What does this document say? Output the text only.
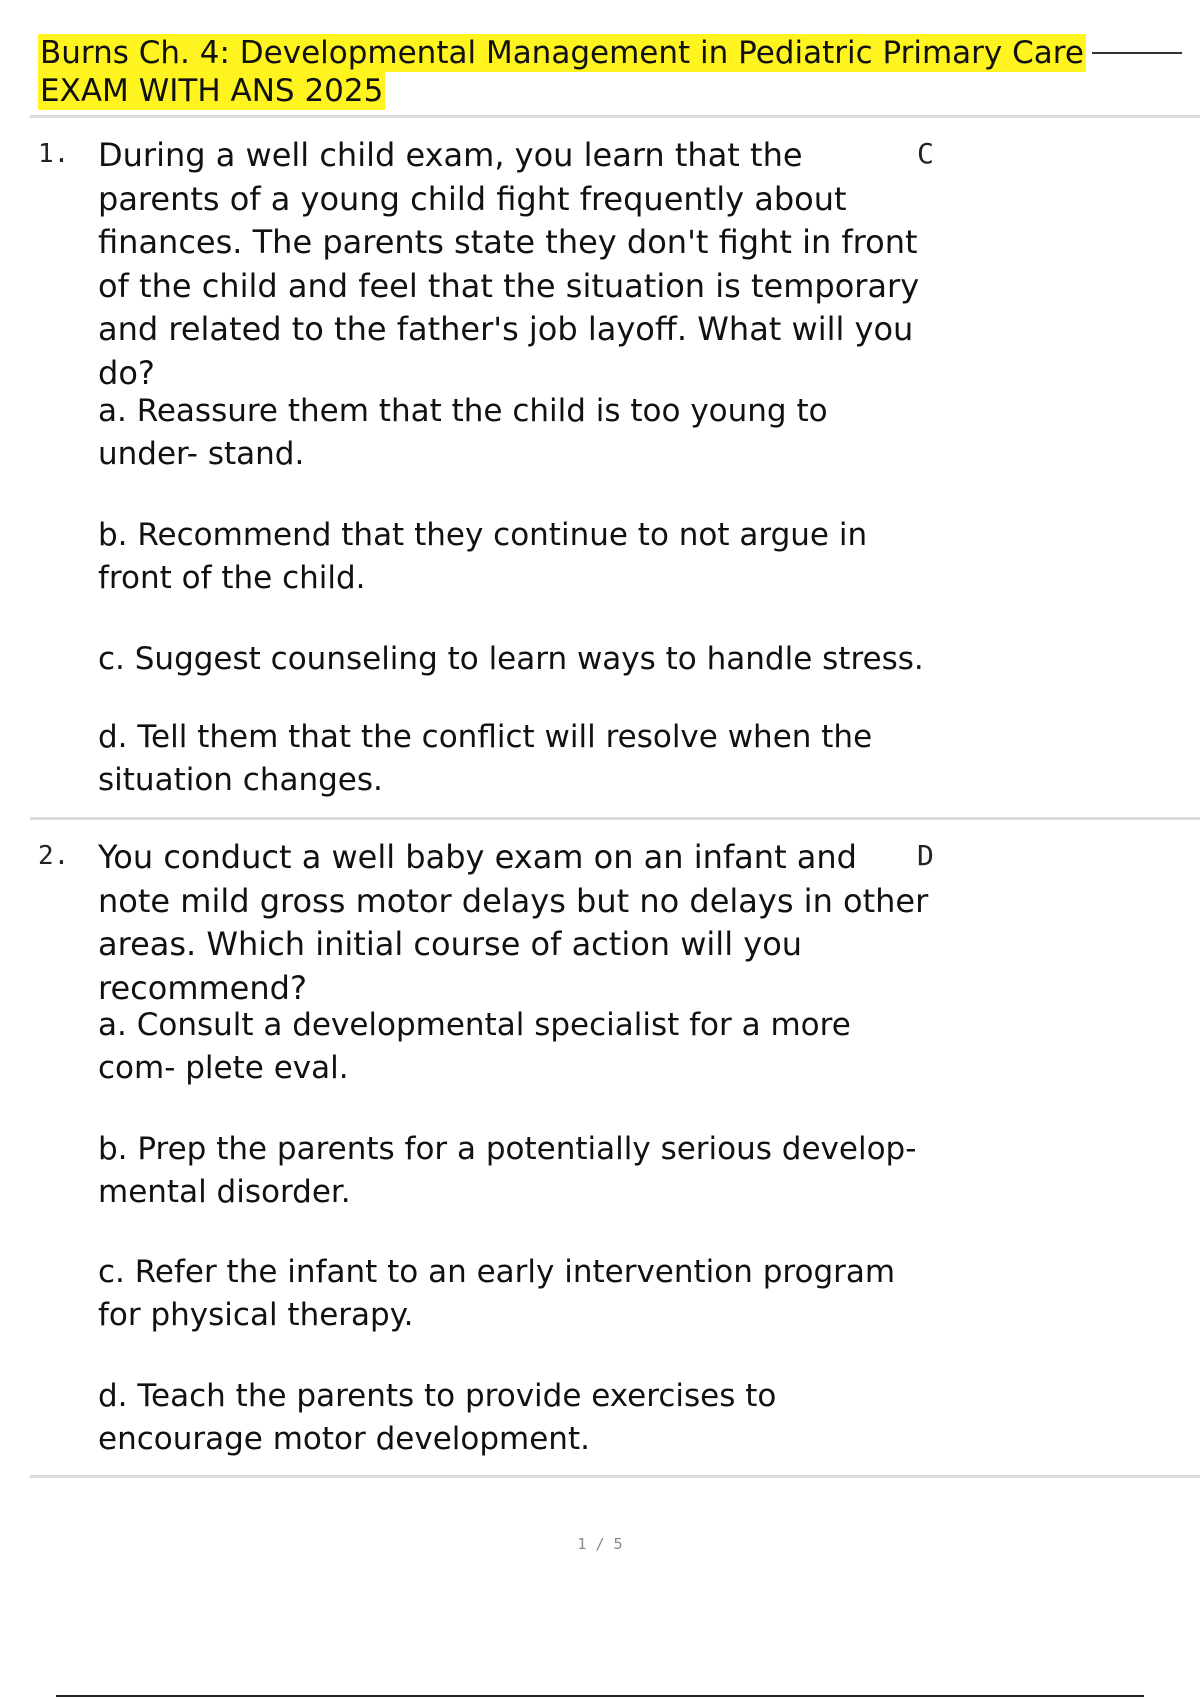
Burns Ch. 4: Developmental Management in Pediatric Primary Care
EXAM WITH ANS 2025
1. During a well child exam, you learn that the parents of a young child fight frequently about finances. The parents state they don't fight in front of the child and feel that the situation is temporary and related to the father's job layoff. What will you do?
C
a. Reassure them that the child is too young to under- stand.
b. Recommend that they continue to not argue in front of the child.
c. Suggest counseling to learn ways to handle stress.
d. Tell them that the conflict will resolve when the situation changes.
2. You conduct a well baby exam on an infant and note mild gross motor delays but no delays in other areas. Which initial course of action will you recommend?
D
a. Consult a developmental specialist for a more com- plete eval.
b. Prep the parents for a potentially serious develop- mental disorder.
c. Refer the infant to an early intervention program for physical therapy.
d. Teach the parents to provide exercises to encourage motor development.
1 / 5
